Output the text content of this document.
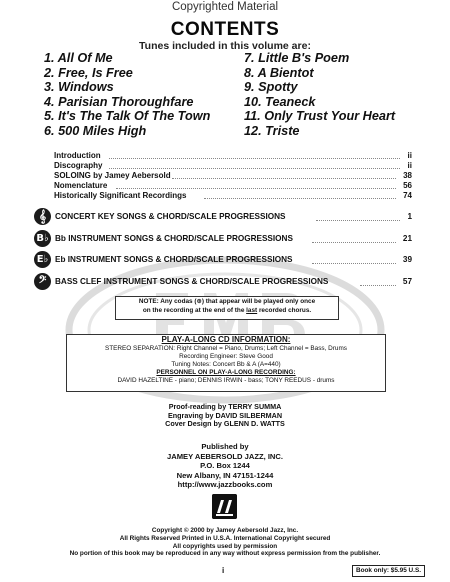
Copyrighted Material
CONTENTS
Tunes included in this volume are:
1. All Of Me
2. Free, Is Free
3. Windows
4. Parisian Thoroughfare
5. It's The Talk Of The Town
6. 500 Miles High
7. Little B's Poem
8. A Bientot
9. Spotty
10. Teaneck
11. Only Trust Your Heart
12. Triste
Introduction	ii
Discography	ii
SOLOING by Jamey Aebersold	38
Nomenclature	56
Historically Significant Recordings	74
𝄞	CONCERT KEY SONGS & CHORD/SCALE PROGRESSIONS	1
B♭ Bb INSTRUMENT SONGS & CHORD/SCALE PROGRESSIONS	21
E♭ Eb INSTRUMENT SONGS & CHORD/SCALE PROGRESSIONS	39
𝄢	BASS CLEF INSTRUMENT SONGS & CHORD/SCALE PROGRESSIONS	57
NOTE: Any codas (⊕) that appear will be played only once
on the recording at the end of the last recorded chorus.
PLAY-A-LONG CD INFORMATION:
STEREO SEPARATION: Right Channel = Piano, Drums; Left Channel = Bass, Drums
Recording Engineer: Steve Good
Tuning Notes: Concert Bb & A (A=440)
PERSONNEL ON PLAY-A-LONG RECORDING:
DAVID HAZELTINE - piano; DENNIS IRWIN - bass; TONY REEDUS - drums
Proof-reading by TERRY SUMMA
Engraving by DAVID SILBERMAN
Cover Design by GLENN D. WATTS
Published by
JAMEY AEBERSOLD JAZZ, INC.
P.O. Box 1244
New Albany, IN 47151-1244
http://www.jazzbooks.com
Copyright © 2000 by Jamey Aebersold Jazz, Inc.
All Rights Reserved Printed in U.S.A. International Copyright secured
All copyrights used by permission
No portion of this book may be reproduced in any way without express permission from the publisher.
i	Book only: $5.95 U.S.
